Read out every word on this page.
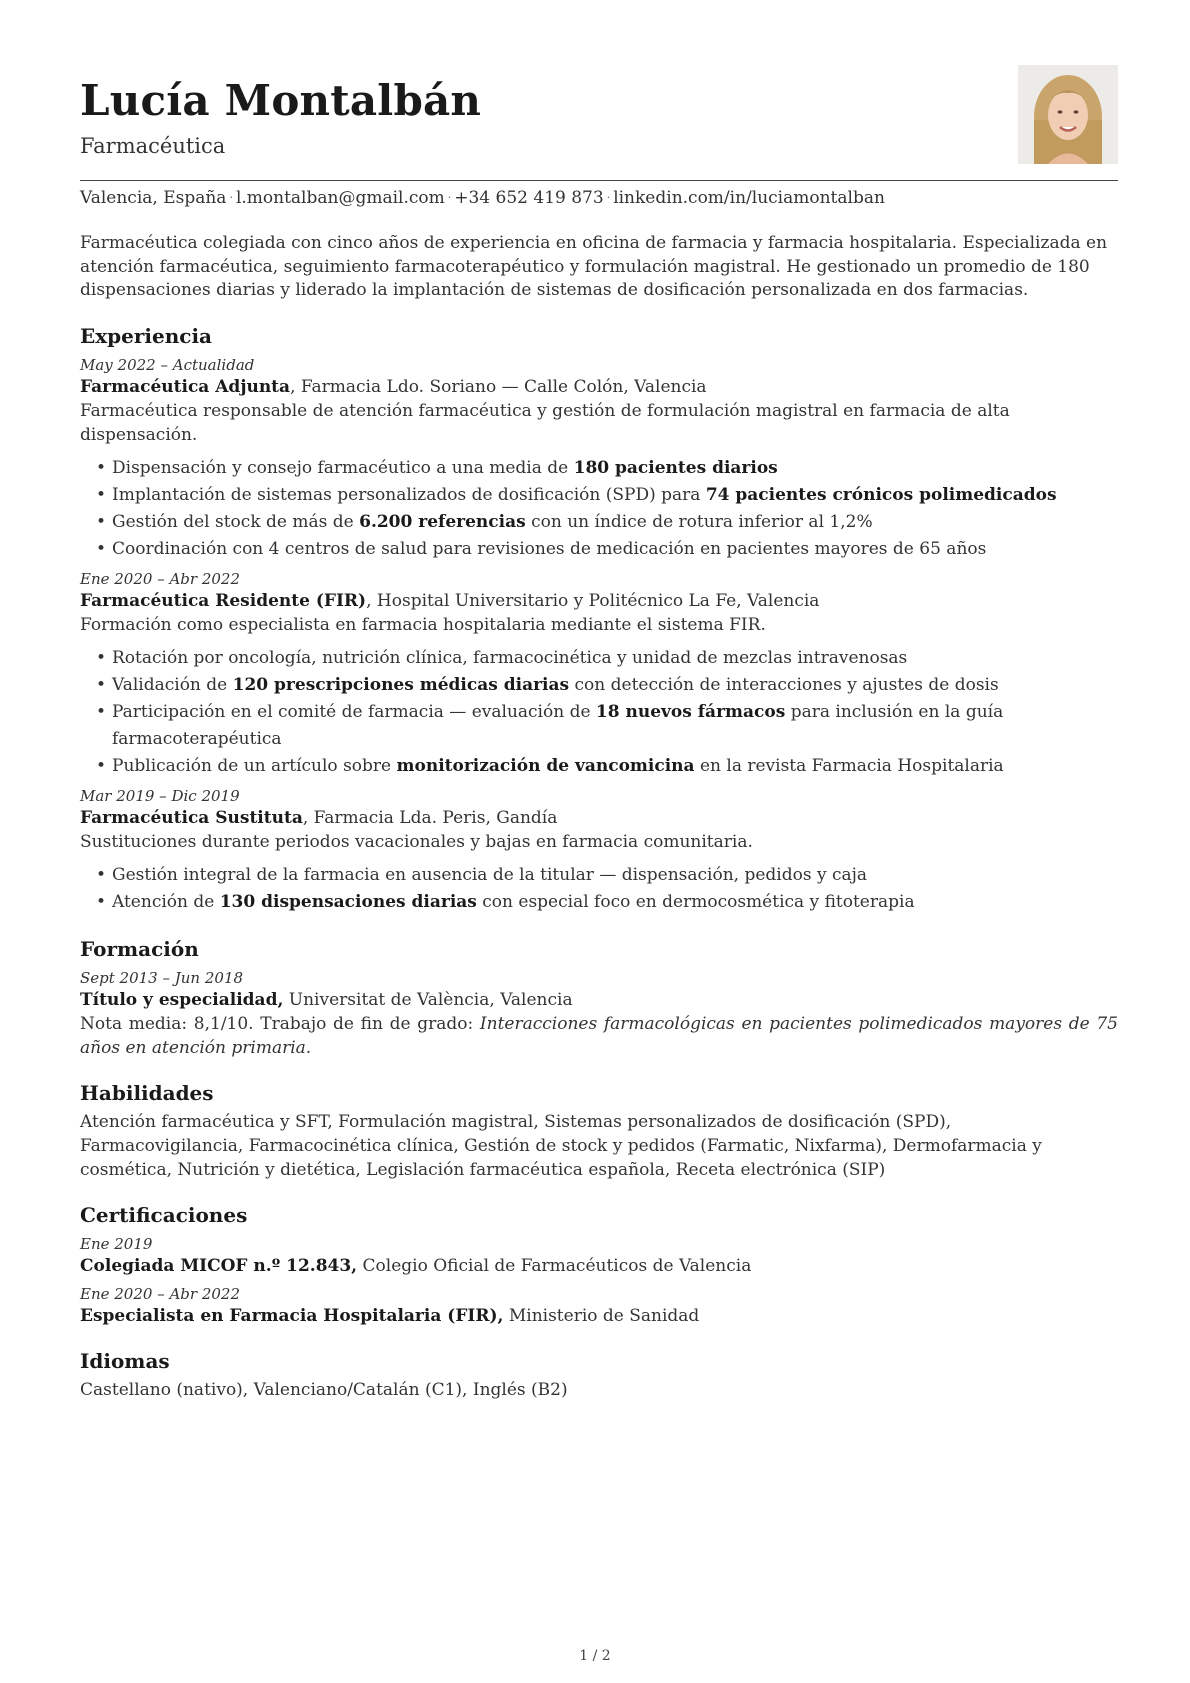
Lucía Montalbán
Farmacéutica
Valencia, España · l.montalban@gmail.com · +34 652 419 873 · linkedin.com/in/luciamontalban
Farmacéutica colegiada con cinco años de experiencia en oficina de farmacia y farmacia hospitalaria. Especializada en atención farmacéutica, seguimiento farmacoterapéutico y formulación magistral. He gestionado un promedio de 180 dispensaciones diarias y liderado la implantación de sistemas de dosificación personalizada en dos farmacias.
Experiencia
May 2022 – Actualidad
Farmacéutica Adjunta, Farmacia Ldo. Soriano — Calle Colón, Valencia
Farmacéutica responsable de atención farmacéutica y gestión de formulación magistral en farmacia de alta dispensación.
• Dispensación y consejo farmacéutico a una media de 180 pacientes diarios
• Implantación de sistemas personalizados de dosificación (SPD) para 74 pacientes crónicos polimedicados
• Gestión del stock de más de 6.200 referencias con un índice de rotura inferior al 1,2%
• Coordinación con 4 centros de salud para revisiones de medicación en pacientes mayores de 65 años
Ene 2020 – Abr 2022
Farmacéutica Residente (FIR), Hospital Universitario y Politécnico La Fe, Valencia
Formación como especialista en farmacia hospitalaria mediante el sistema FIR.
• Rotación por oncología, nutrición clínica, farmacocinética y unidad de mezclas intravenosas
• Validación de 120 prescripciones médicas diarias con detección de interacciones y ajustes de dosis
• Participación en el comité de farmacia — evaluación de 18 nuevos fármacos para inclusión en la guía farmacoterapéutica
• Publicación de un artículo sobre monitorización de vancomicina en la revista Farmacia Hospitalaria
Mar 2019 – Dic 2019
Farmacéutica Sustituta, Farmacia Lda. Peris, Gandía
Sustituciones durante periodos vacacionales y bajas en farmacia comunitaria.
• Gestión integral de la farmacia en ausencia de la titular — dispensación, pedidos y caja
• Atención de 130 dispensaciones diarias con especial foco en dermocosmética y fitoterapia
Formación
Sept 2013 – Jun 2018
Título y especialidad, Universitat de València, Valencia
Nota media: 8,1/10. Trabajo de fin de grado: Interacciones farmacológicas en pacientes polimedicados mayores de 75 años en atención primaria.
Habilidades
Atención farmacéutica y SFT, Formulación magistral, Sistemas personalizados de dosificación (SPD), Farmacovigilancia, Farmacocinética clínica, Gestión de stock y pedidos (Farmatic, Nixfarma), Dermofarmacia y cosmética, Nutrición y dietética, Legislación farmacéutica española, Receta electrónica (SIP)
Certificaciones
Ene 2019
Colegiada MICOF n.º 12.843, Colegio Oficial de Farmacéuticos de Valencia
Ene 2020 – Abr 2022
Especialista en Farmacia Hospitalaria (FIR), Ministerio de Sanidad
Idiomas
Castellano (nativo), Valenciano/Catalán (C1), Inglés (B2)
1 / 2
